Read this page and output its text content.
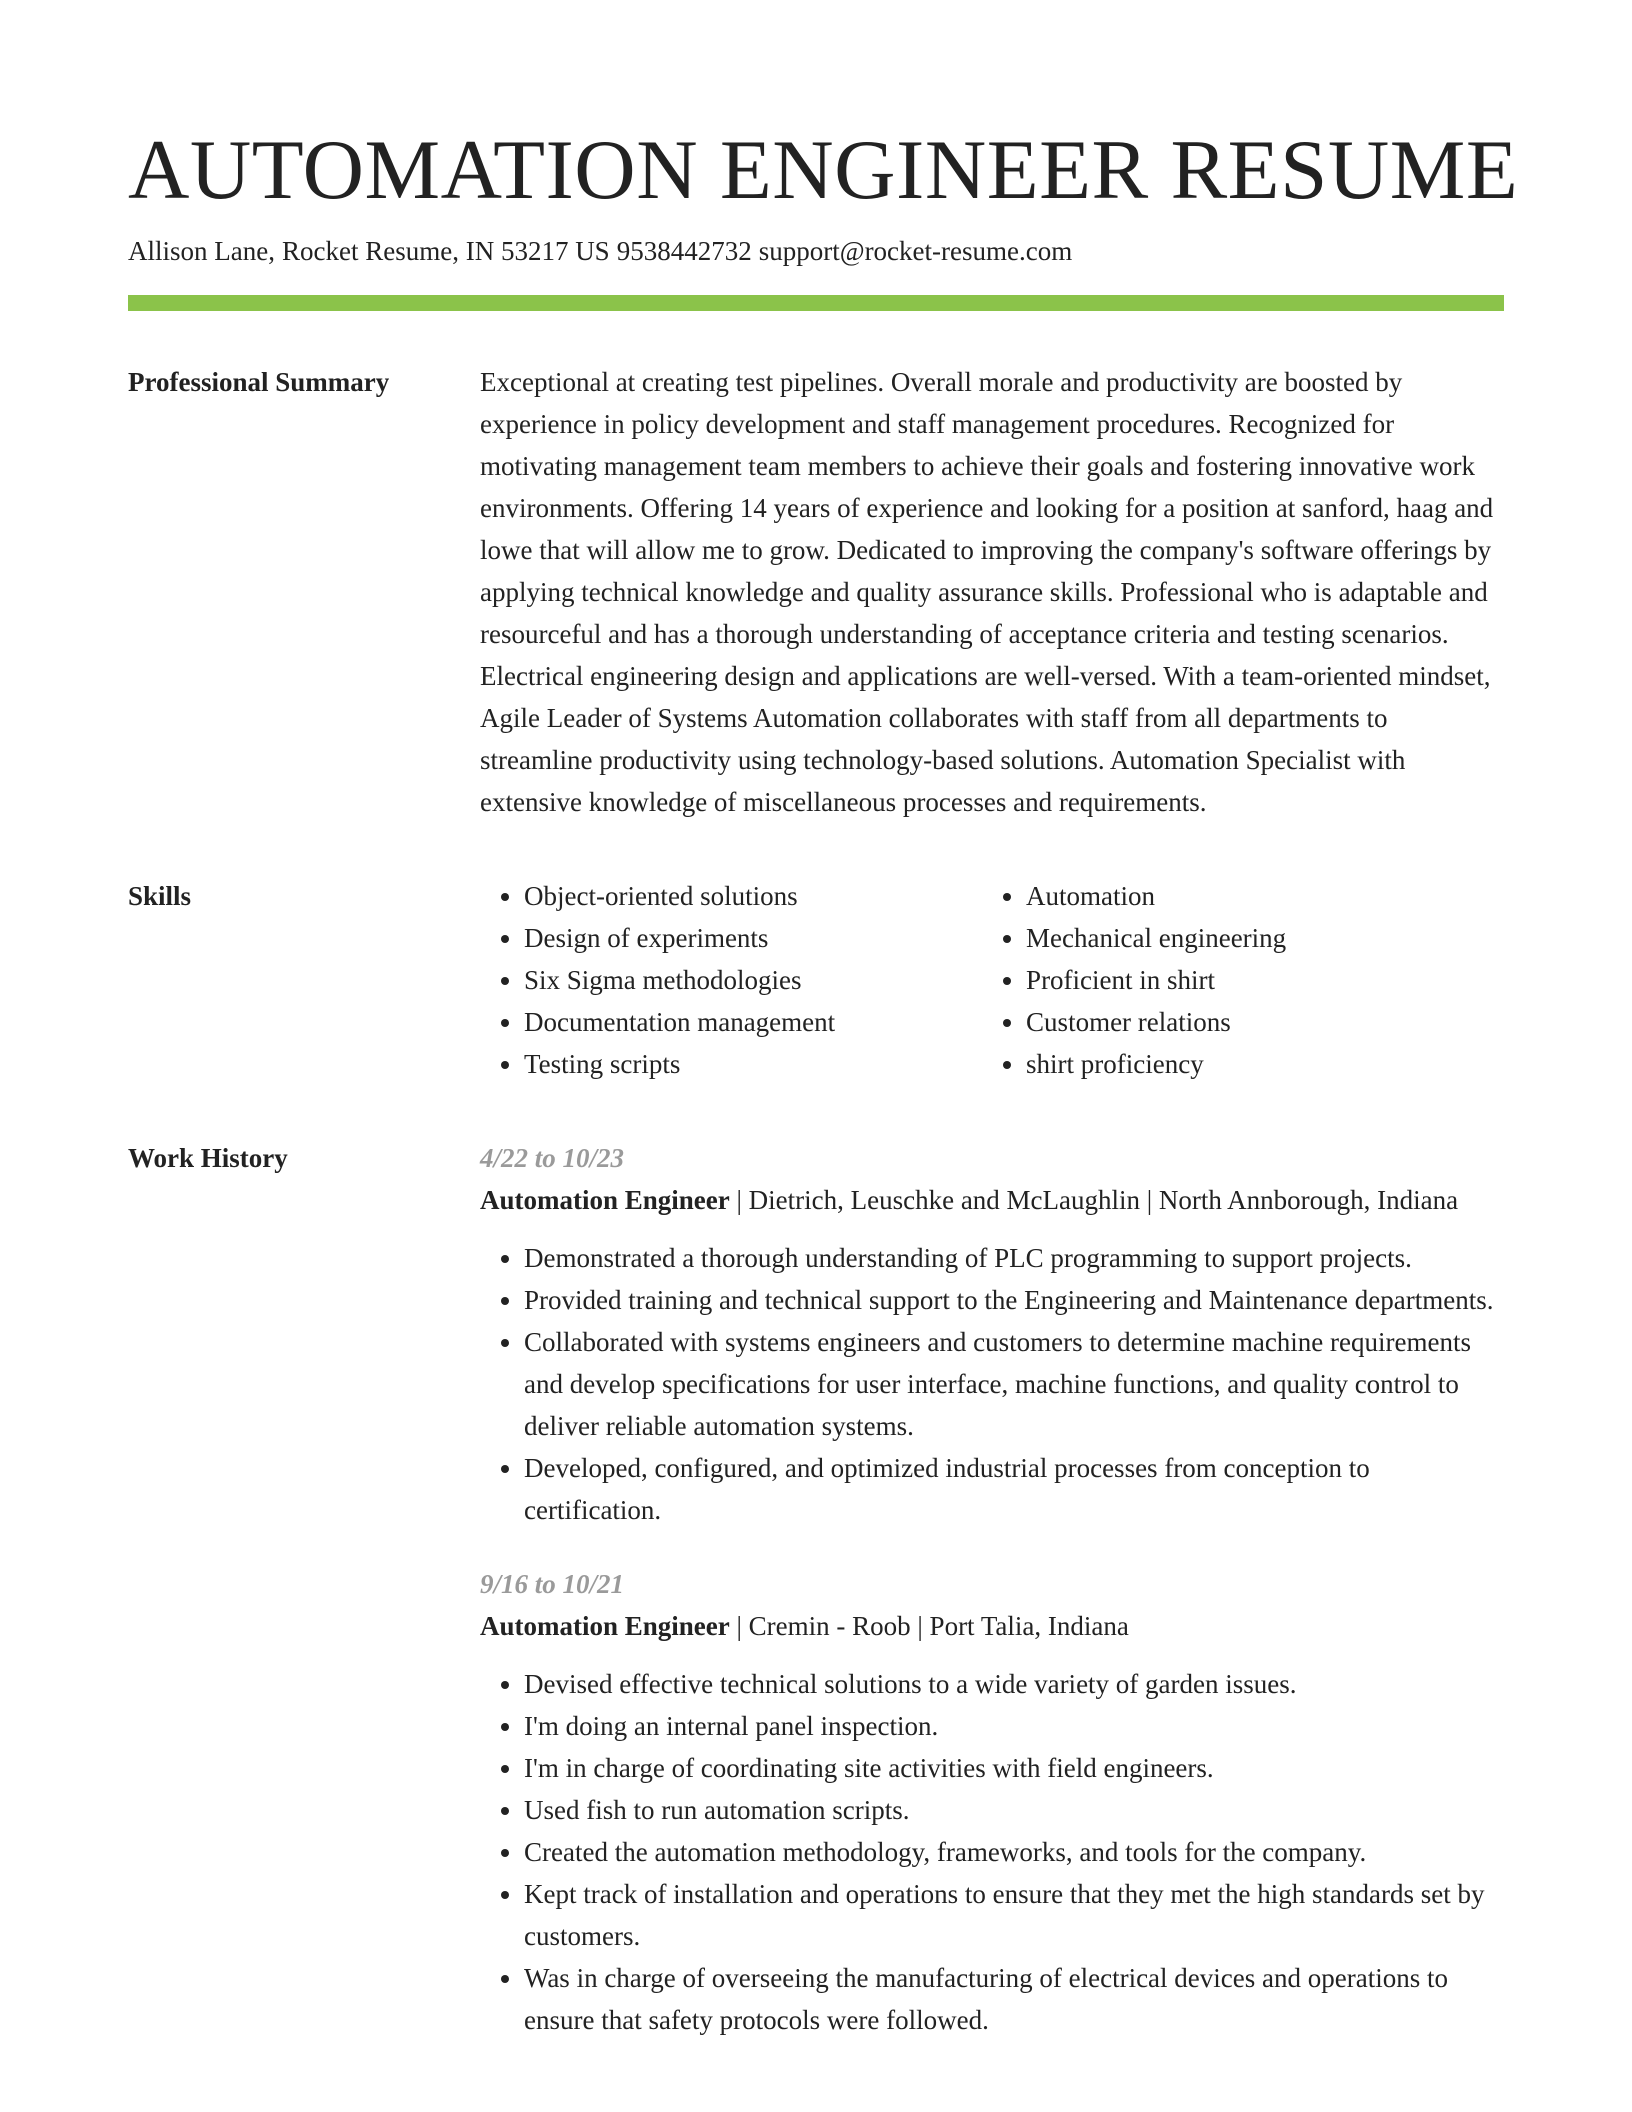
AUTOMATION ENGINEER RESUME
Allison Lane, Rocket Resume, IN 53217 US 9538442732 support@rocket-resume.com
Professional Summary	Exceptional at creating test pipelines. Overall morale and productivity are boosted by experience in policy development and staff management procedures. Recognized for motivating management team members to achieve their goals and fostering innovative work environments. Offering 14 years of experience and looking for a position at sanford, haag and lowe that will allow me to grow. Dedicated to improving the company's software offerings by applying technical knowledge and quality assurance skills. Professional who is adaptable and resourceful and has a thorough understanding of acceptance criteria and testing scenarios. Electrical engineering design and applications are well-versed. With a team-oriented mindset, Agile Leader of Systems Automation collaborates with staff from all departments to streamline productivity using technology-based solutions. Automation Specialist with extensive knowledge of miscellaneous processes and requirements.

Skills
•	Object-oriented solutions
• Design of experiments
• Six Sigma methodologies
• Documentation management
• Testing scripts
• Automation
• Mechanical engineering
• Proficient in shirt
• Customer relations
• shirt proficiency
Work History	4/22 to 10/23
Automation Engineer | Dietrich, Leuschke and McLaughlin | North Annborough, Indiana
• Demonstrated a thorough understanding of PLC programming to support projects.
• Provided training and technical support to the Engineering and Maintenance departments.
• Collaborated with systems engineers and customers to determine machine requirements and develop specifications for user interface, machine functions, and quality control to deliver reliable automation systems.
• Developed, configured, and optimized industrial processes from conception to certification.
9/16 to 10/21
Automation Engineer | Cremin - Roob | Port Talia, Indiana
• Devised effective technical solutions to a wide variety of garden issues.
• I'm doing an internal panel inspection.
• I'm in charge of coordinating site activities with field engineers.
• Used fish to run automation scripts.
• Created the automation methodology, frameworks, and tools for the company.
• Kept track of installation and operations to ensure that they met the high standards set by customers.
• Was in charge of overseeing the manufacturing of electrical devices and operations to ensure that safety protocols were followed.
